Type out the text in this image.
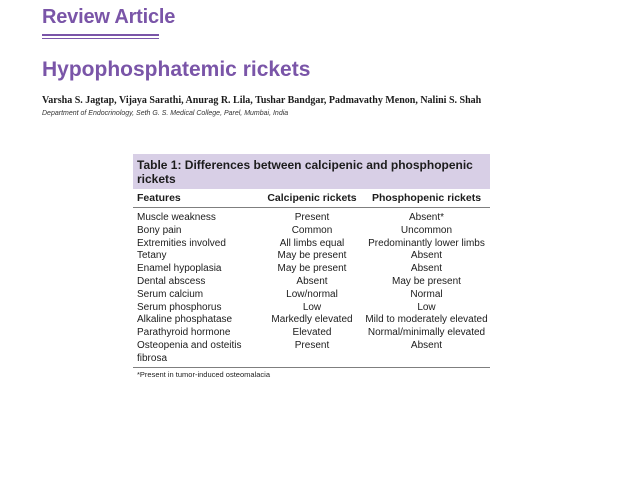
Review Article
Hypophosphatemic rickets

Varsha S. Jagtap, Vijaya Sarathi, Anurag R. Lila, Tushar Bandgar, Padmavathy Menon, Nalini S. Shah

Department of Endocrinology, Seth G. S. Medical College, Parel, Mumbai, India

Table 1: Differences between calcipenic and phosphopenic rickets
Features	Calcipenic rickets	Phosphopenic rickets
Muscle weakness	Present	Absent*
Bony pain	Common	Uncommon
Extremities involved	All limbs equal	Predominantly lower limbs
Tetany	May be present	Absent
Enamel hypoplasia	May be present	Absent
Dental abscess	Absent	May be present
Serum calcium	Low/normal	Normal
Serum phosphorus	Low	Low
Alkaline phosphatase	Markedly elevated	Mild to moderately elevated
Parathyroid hormone	Elevated	Normal/minimally elevated
Osteopenia and osteitis fibrosa
Present	Absent
*Present in tumor-induced osteomalacia
